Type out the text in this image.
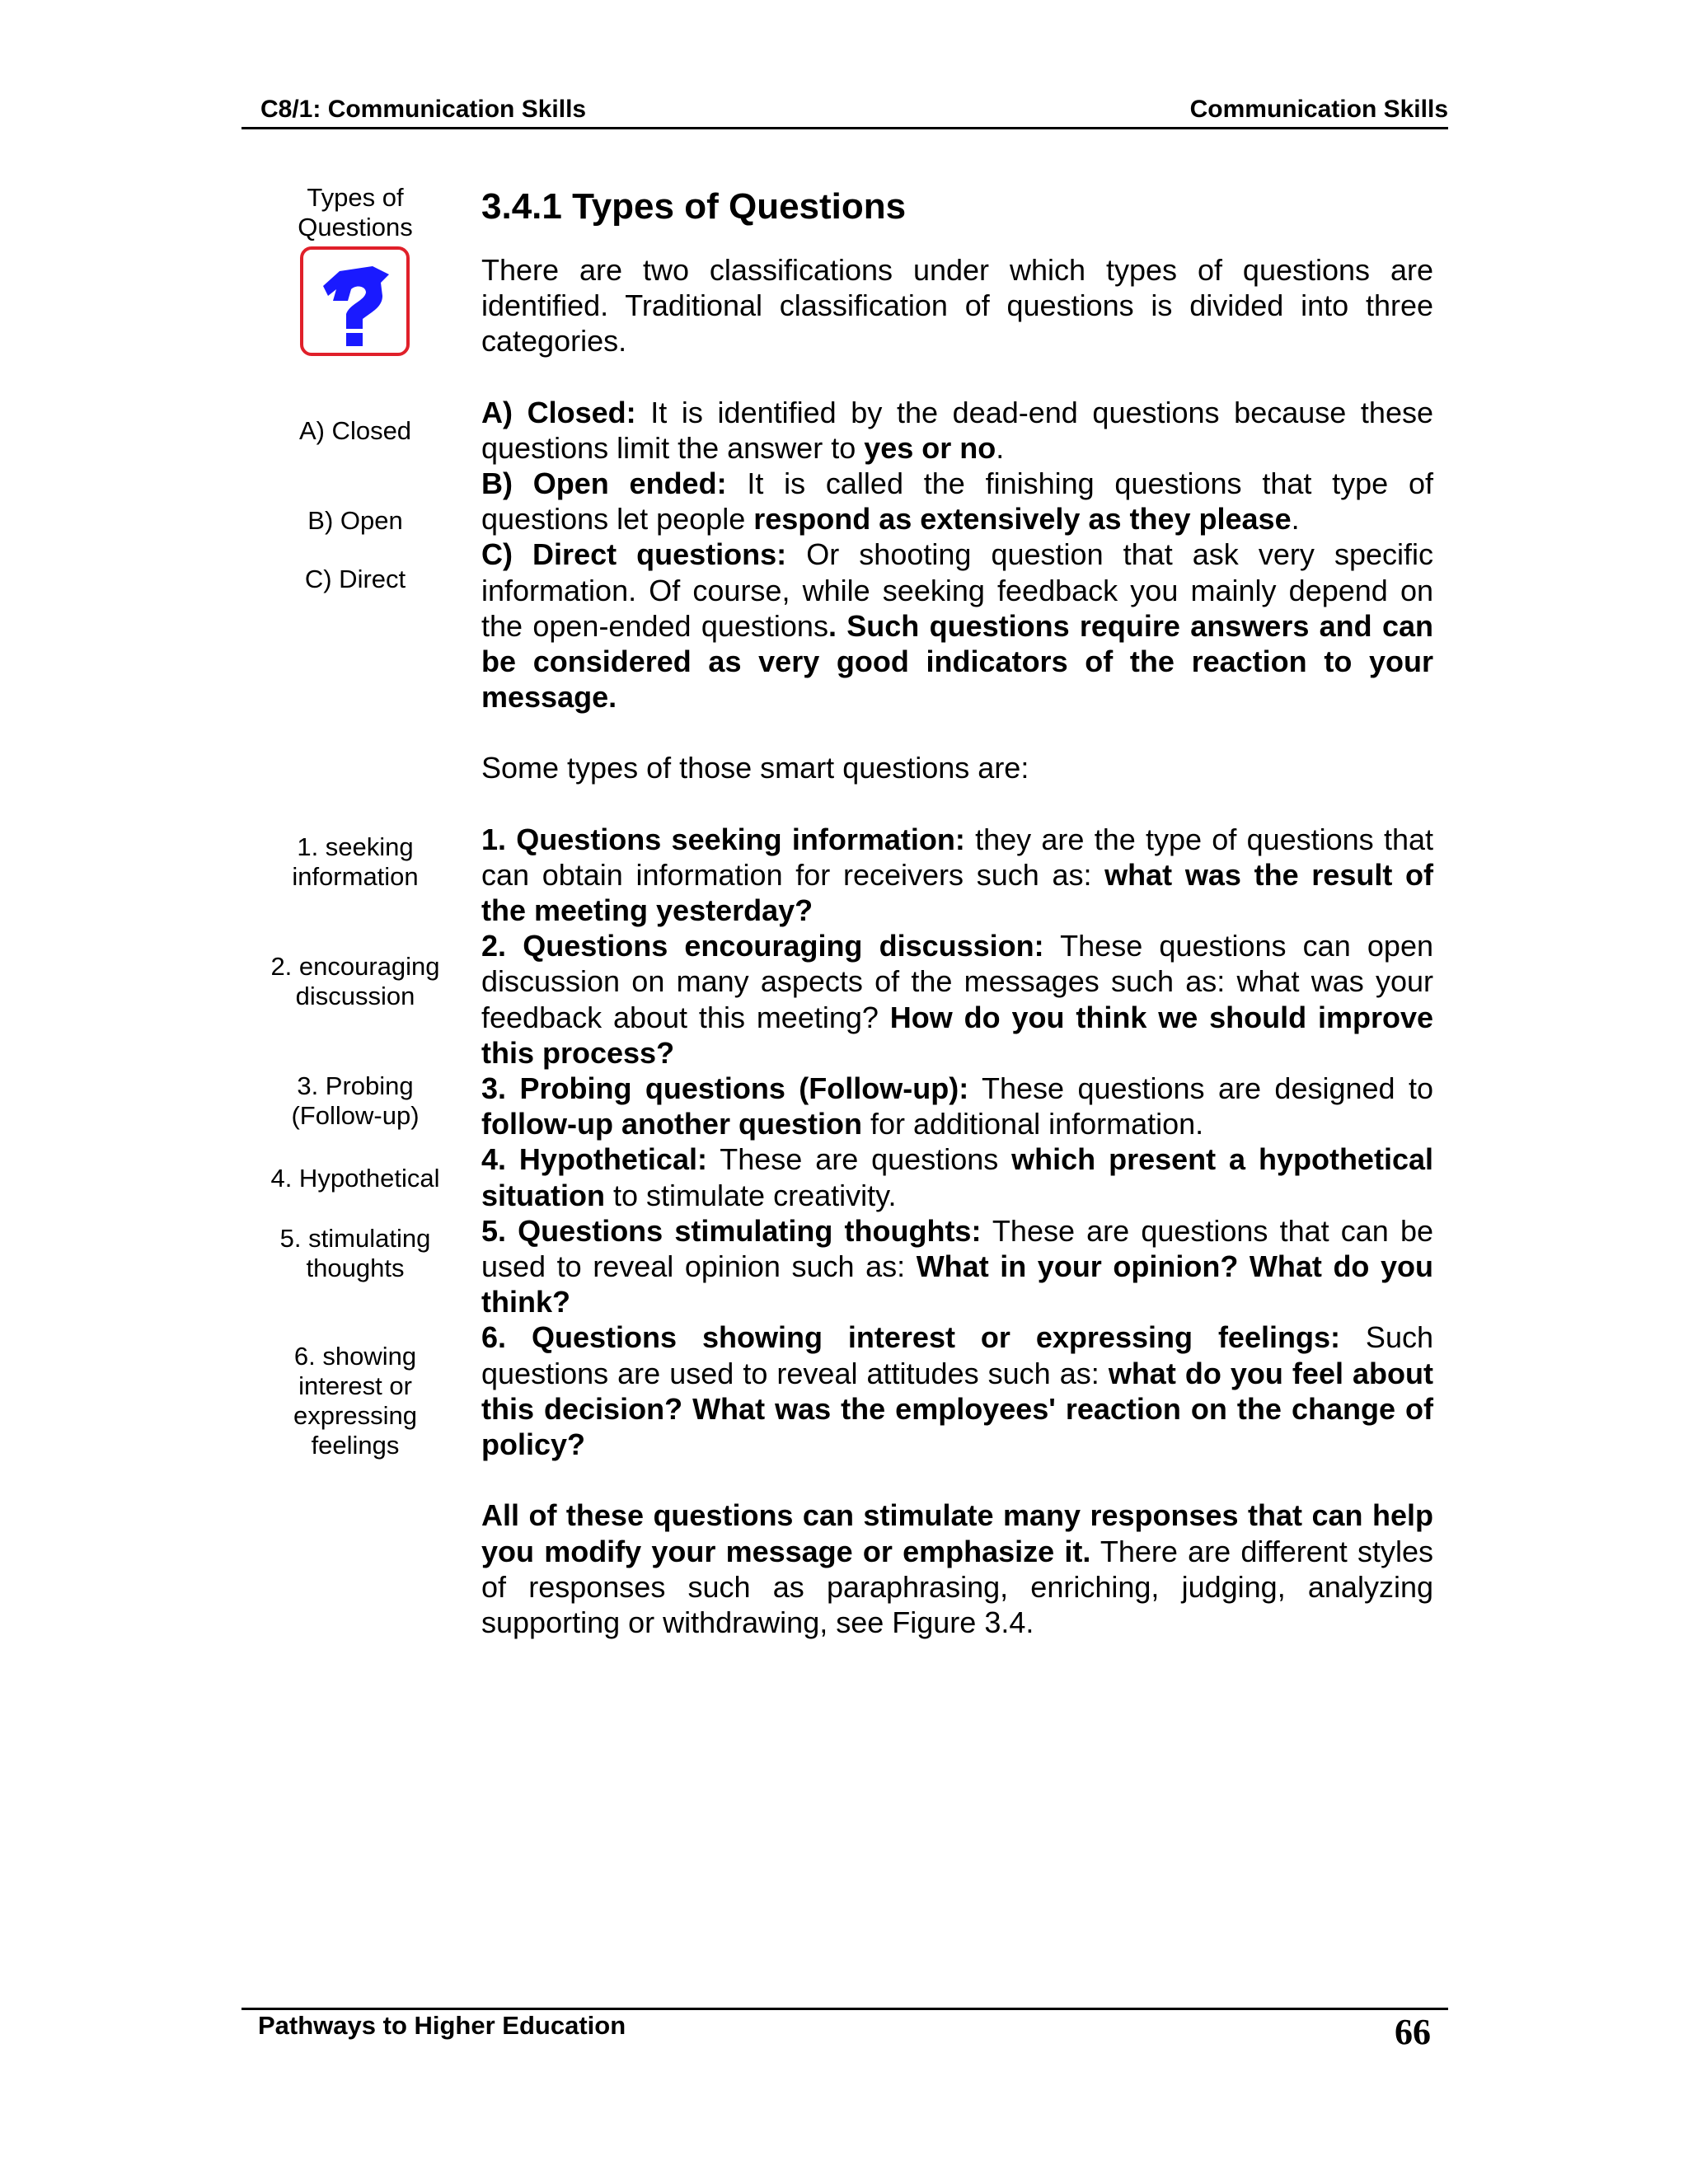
C8/1: Communication Skills	Communication Skills
Types of
Questions
A) Closed
B) Open
C) Direct
1. seeking
information
2. encouraging
discussion
3. Probing
(Follow-up)
4. Hypothetical
5. stimulating
thoughts
6. showing
interest or
expressing
feelings

3.4.1 Types of Questions

There are two classifications under which types of questions are identified. Traditional classification of questions is divided into three categories.

A) Closed: It is identified by the dead-end questions because these questions limit the answer to yes or no.

B) Open ended: It is called the finishing questions that type of questions let people respond as extensively as they please.

C) Direct questions: Or shooting question that ask very specific information. Of course, while seeking feedback you mainly depend on the open-ended questions. Such questions require answers and can be considered as very good indicators of the reaction to your message.

Some types of those smart questions are:

1. Questions seeking information: they are the type of questions that can obtain information for receivers such as: what was the result of the meeting yesterday?

2. Questions encouraging discussion: These questions can open discussion on many aspects of the messages such as: what was your feedback about this meeting? How do you think we should improve this process?

3. Probing questions (Follow-up): These questions are designed to follow-up another question for additional information.

4. Hypothetical: These are questions which present a hypothetical situation to stimulate creativity.

5. Questions stimulating thoughts: These are questions that can be used to reveal opinion such as: What in your opinion? What do you think?

6. Questions showing interest or expressing feelings: Such questions are used to reveal attitudes such as: what do you feel about this decision? What was the employees' reaction on the change of policy?

All of these questions can stimulate many responses that can help you modify your message or emphasize it. There are different styles of responses such as paraphrasing, enriching, judging, analyzing supporting or withdrawing, see Figure 3.4.

Pathways to Higher Education	66
